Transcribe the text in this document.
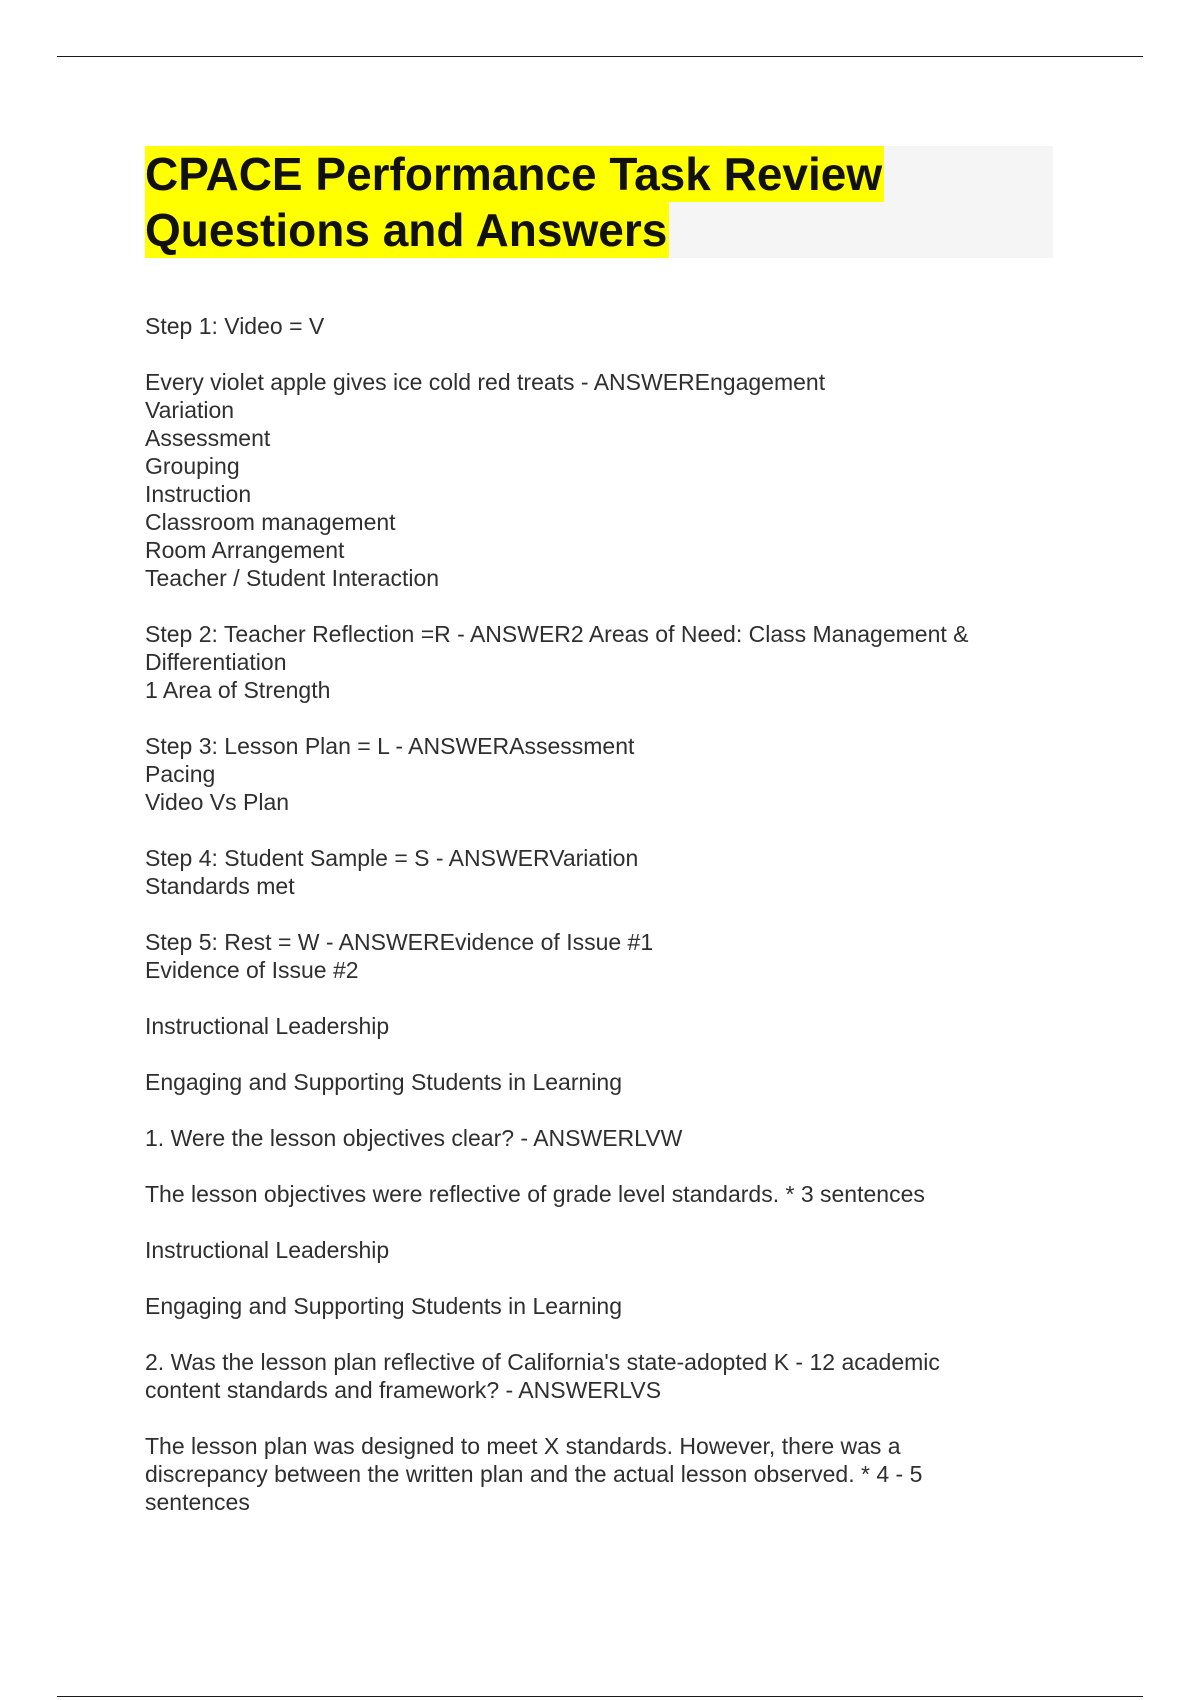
CPACE Performance Task Review
Questions and Answers
Step 1: Video = V
Every violet apple gives ice cold red treats - ANSWEREngagement
Variation
Assessment
Grouping
Instruction
Classroom management
Room Arrangement
Teacher / Student Interaction
Step 2: Teacher Reflection =R - ANSWER2 Areas of Need: Class Management &
Differentiation
1 Area of Strength
Step 3: Lesson Plan = L - ANSWERAssessment
Pacing
Video Vs Plan
Step 4: Student Sample = S - ANSWERVariation
Standards met
Step 5: Rest = W - ANSWEREvidence of Issue #1
Evidence of Issue #2
Instructional Leadership
Engaging and Supporting Students in Learning
1. Were the lesson objectives clear? - ANSWERLVW
The lesson objectives were reflective of grade level standards. * 3 sentences
Instructional Leadership
Engaging and Supporting Students in Learning
2. Was the lesson plan reflective of California's state-adopted K - 12 academic
content standards and framework? - ANSWERLVS
The lesson plan was designed to meet X standards. However, there was a
discrepancy between the written plan and the actual lesson observed. * 4 - 5
sentences
